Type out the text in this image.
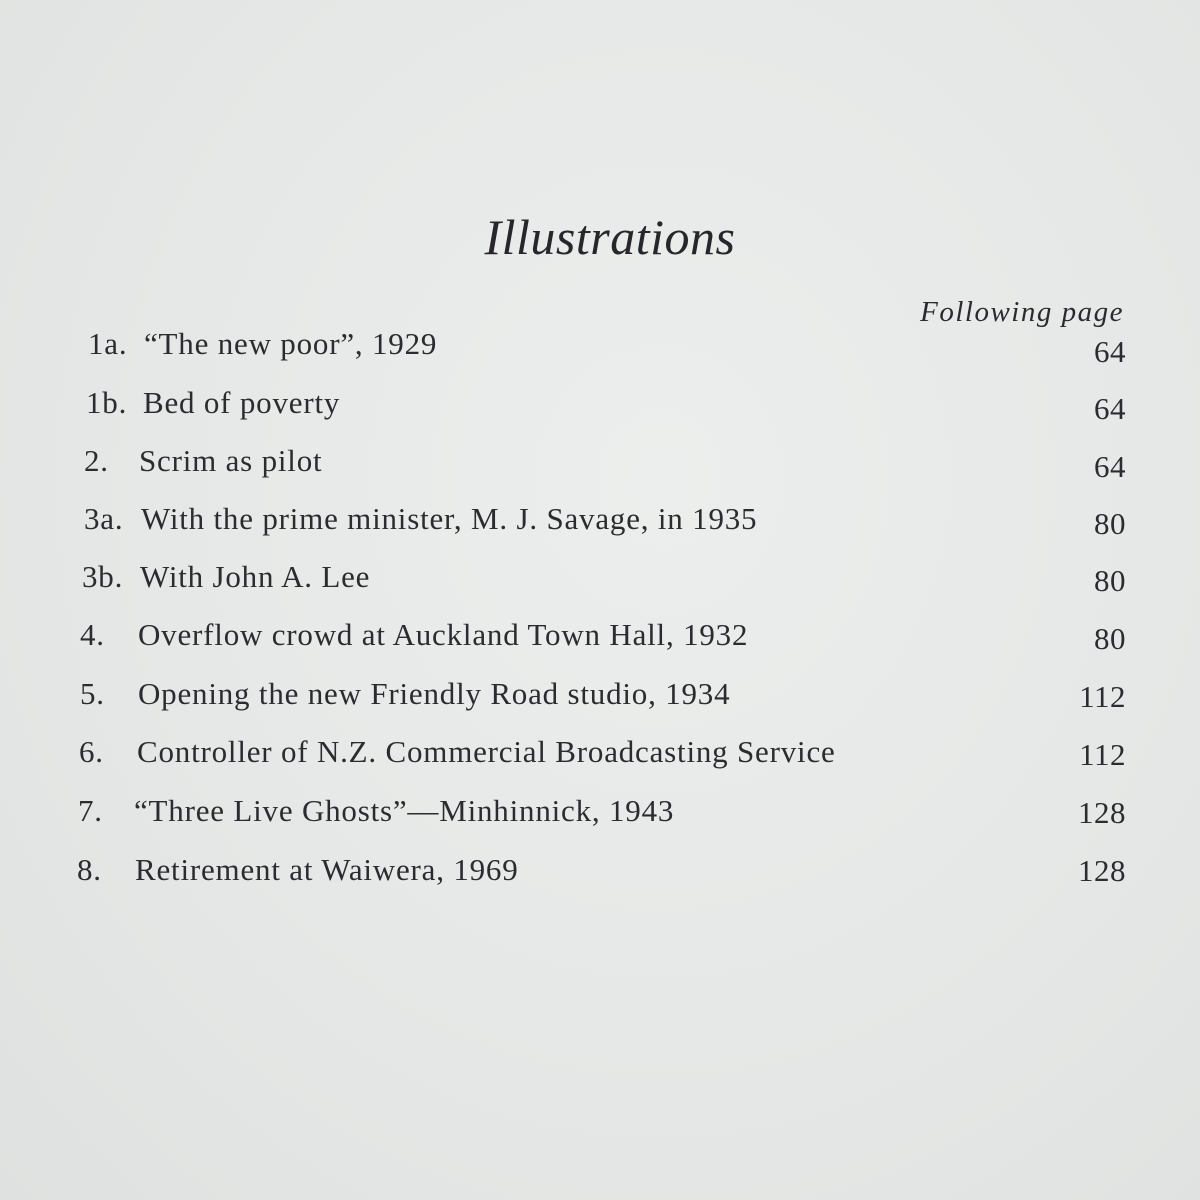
Illustrations
Following page
1a. “The new poor”, 1929	64
1b. Bed of poverty	64
2. Scrim as pilot	64
3a. With the prime minister, M. J. Savage, in 1935	80
3b. With John A. Lee	80
4. Overflow crowd at Auckland Town Hall, 1932	80
5. Opening the new Friendly Road studio, 1934	112
6. Controller of N.Z. Commercial Broadcasting Service	112
7. “Three Live Ghosts”—Minhinnick, 1943	128
8. Retirement at Waiwera, 1969	128
